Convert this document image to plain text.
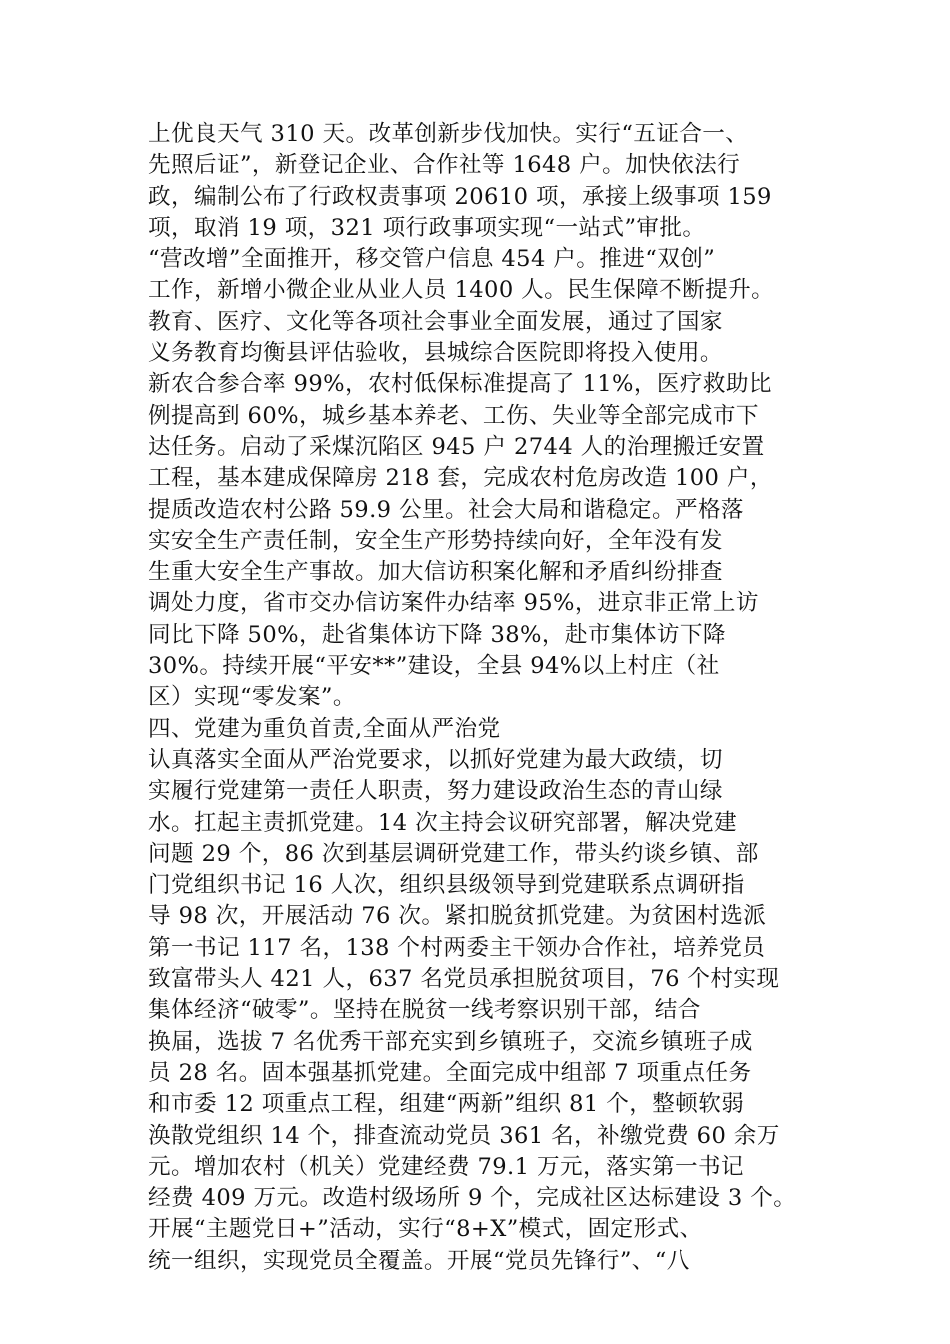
上优良天气 310 天。改革创新步伐加快。实行“五证合一、
先照后证”，新登记企业、合作社等 1648 户。加快依法行
政，编制公布了行政权责事项 20610 项，承接上级事项 159
项，取消 19 项，321 项行政事项实现“一站式”审批。
“营改增”全面推开，移交管户信息 454 户。推进“双创”
工作，新增小微企业从业人员 1400 人。民生保障不断提升。
教育、医疗、文化等各项社会事业全面发展，通过了国家
义务教育均衡县评估验收，县城综合医院即将投入使用。
新农合参合率 99%，农村低保标准提高了 11%，医疗救助比
例提高到 60%，城乡基本养老、工伤、失业等全部完成市下
达任务。启动了采煤沉陷区 945 户 2744 人的治理搬迁安置
工程，基本建成保障房 218 套，完成农村危房改造 100 户，
提质改造农村公路 59.9 公里。社会大局和谐稳定。严格落
实安全生产责任制，安全生产形势持续向好，全年没有发
生重大安全生产事故。加大信访积案化解和矛盾纠纷排查
调处力度，省市交办信访案件办结率 95%，进京非正常上访
同比下降 50%，赴省集体访下降 38%，赴市集体访下降
30%。持续开展“平安**”建设，全县 94%以上村庄（社
区）实现“零发案”。
四、党建为重负首责,全面从严治党
认真落实全面从严治党要求，以抓好党建为最大政绩，切
实履行党建第一责任人职责，努力建设政治生态的青山绿
水。扛起主责抓党建。14 次主持会议研究部署，解决党建
问题 29 个，86 次到基层调研党建工作，带头约谈乡镇、部
门党组织书记 16 人次，组织县级领导到党建联系点调研指
导 98 次，开展活动 76 次。紧扣脱贫抓党建。为贫困村选派
第一书记 117 名，138 个村两委主干领办合作社，培养党员
致富带头人 421 人，637 名党员承担脱贫项目，76 个村实现
集体经济“破零”。坚持在脱贫一线考察识别干部，结合
换届，选拔 7 名优秀干部充实到乡镇班子，交流乡镇班子成
员 28 名。固本强基抓党建。全面完成中组部 7 项重点任务
和市委 12 项重点工程，组建“两新”组织 81 个，整顿软弱
涣散党组织 14 个，排查流动党员 361 名，补缴党费 60 余万
元。增加农村（机关）党建经费 79.1 万元，落实第一书记
经费 409 万元。改造村级场所 9 个，完成社区达标建设 3 个。
开展“主题党日+”活动，实行“8+X”模式，固定形式、
统一组织，实现党员全覆盖。开展“党员先锋行”、“八
